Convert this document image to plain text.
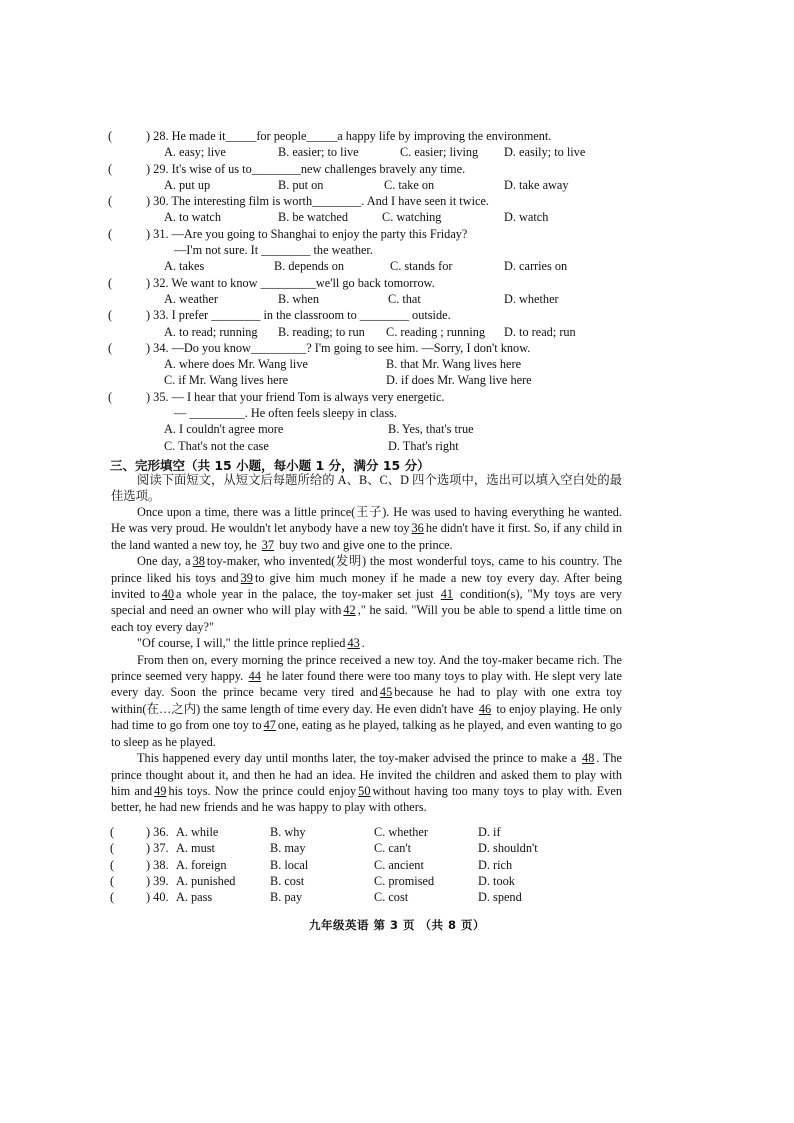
(	) 28. He made it_____for people_____a happy life by improving the environment.
A. easy; live	B. easier; to live	C. easier; living D. easily; to live
(	) 29. It's wise of us to________new challenges bravely any time.
A. put up	B. put on	C. take on	D. take away
(	) 30. The interesting film is worth________. And I have seen it twice.
A. to watch	B. be watched	C. watching	D. watch
(	) 31. —Are you going to Shanghai to enjoy the party this Friday?
—I'm not sure. It ________ the weather.
A. takes	B. depends on	C. stands for	D. carries on
(	) 32. We want to know _________we'll go back tomorrow.
A. weather	B. when	C. that	D. whether
(	) 33. I prefer ________ in the classroom to ________ outside.
A. to read; running B. reading; to run C. reading ; running D. to read; run
(	) 34. —Do you know_________? I'm going to see him. —Sorry, I don't know.
A. where does Mr. Wang live	B. that Mr. Wang lives here
C. if Mr. Wang lives here	D. if does Mr. Wang live here
(	) 35. — I hear that your friend Tom is always very energetic.
— _________. He often feels sleepy in class.
A. I couldn't agree more	B. Yes, that's true
C. That's not the case	D. That's right
三、完形填空（共 15 小题，每小题 1 分，满分 15 分）

阅读下面短文，从短文后每题所给的 A、B、C、D 四个选项中，选出可以填入空白处的最佳选项。

Once upon a time, there was a little prince(王子). He was used to having everything he wanted. He was very proud. He wouldn't let anybody have a new toy 36 he didn't have it first. So, if any child in the land wanted a new toy, he 37 buy two and give one to the prince.

One day, a 38 toy-maker, who invented(发明) the most wonderful toys, came to his country. The prince liked his toys and 39 to give him much money if he made a new toy every day. After being invited to 40 a whole year in the palace, the toy-maker set just 41 condition(s), "My toys are very special and need an owner who will play with 42 ," he said. "Will you be able to spend a little time on each toy every day?"

"Of course, I will," the little prince replied 43 .

From then on, every morning the prince received a new toy. And the toy-maker became rich. The prince seemed very happy. 44 he later found there were too many toys to play with. He slept very late every day. Soon the prince became very tired and 45 because he had to play with one extra toy within(在…之内) the same length of time every day. He even didn't have 46 to enjoy playing. He only had time to go from one toy to 47 one, eating as he played, talking as he played, and even wanting to go to sleep as he played.

This happened every day until months later, the toy-maker advised the prince to make a 48 . The prince thought about it, and then he had an idea. He invited the children and asked them to play with him and 49 his toys. Now the prince could enjoy 50 without having too many toys to play with. Even better, he had new friends and he was happy to play with others.

(	) 36. A. while	B. why	C. whether	D. if
(	) 37. A. must	B. may	C. can't	D. shouldn't
(	) 38. A. foreign	B. local	C. ancient	D. rich
(	) 39. A. punished	B. cost	C. promised	D. took
(	) 40. A. pass	B. pay	C. cost	D. spend
九年级英语 第 3 页 （共 8 页）
